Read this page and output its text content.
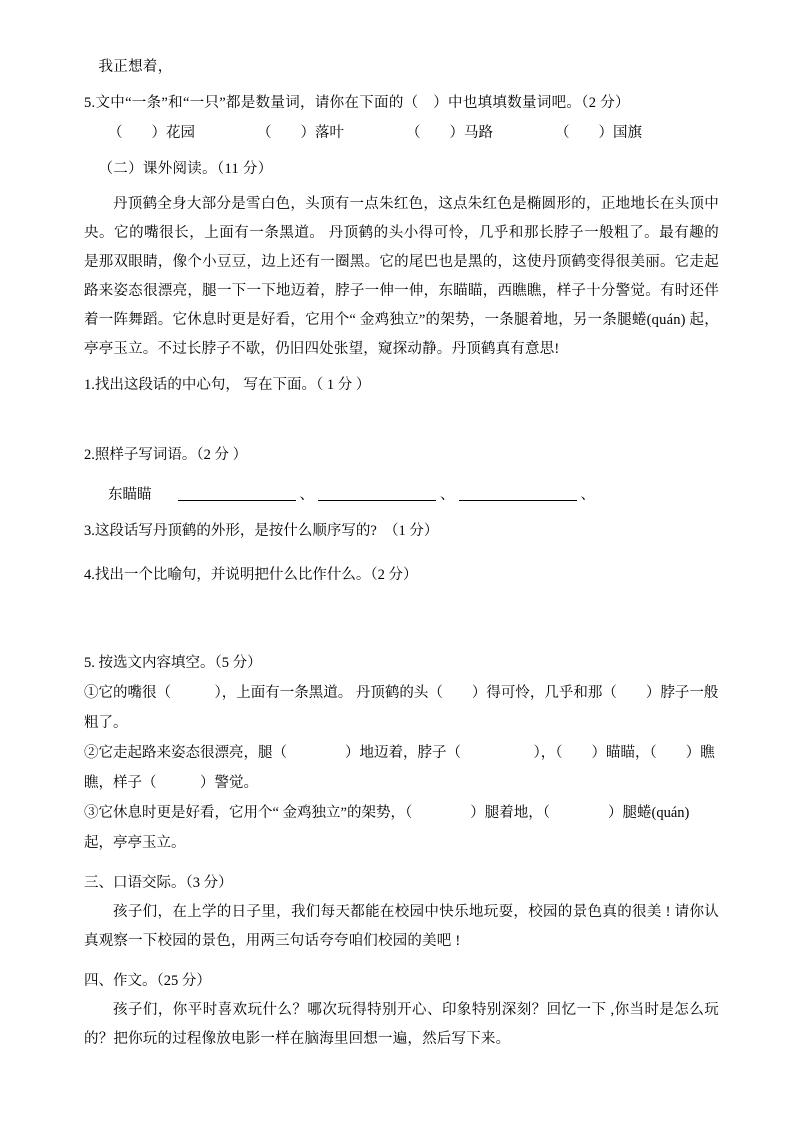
我正想着，
5.文中“一条”和“一只”都是数量词，请你在下面的（　）中也填填数量词吧。（2 分）
（　　）花园	（　　）落叶	（　　）马路	（　　）国旗
（二）课外阅读。（11 分）
丹顶鹤全身大部分是雪白色，头顶有一点朱红色，这点朱红色是椭圆形的，正地地长在头顶中央。它的嘴很长，上面有一条黑道。 丹顶鹤的头小得可怜，几乎和那长脖子一般粗了。最有趣的是那双眼睛，像个小豆豆，边上还有一圈黑。它的尾巴也是黑的，这使丹顶鹤变得很美丽。它走起路来姿态很漂亮，腿一下一下地迈着，脖子一伸一伸，东瞄瞄，西瞧瞧，样子十分警觉。有时还伴着一阵舞蹈。它休息时更是好看，它用个“ 金鸡独立”的架势，一条腿着地，另一条腿蜷(quán) 起，亭亭玉立。不过长脖子不歇，仍旧四处张望，窥探动静。丹顶鹤真有意思!
1.找出这段话的中心句， 写在下面。（ 1 分 ）
2.照样子写词语。（2 分 ）
东瞄瞄	、	、	、
3.这段话写丹顶鹤的外形，是按什么顺序写的?　（1 分）
4.找出一个比喻句，并说明把什么比作什么。（2 分）
5. 按选文内容填空。（5 分）
①它的嘴很（　　　），上面有一条黑道。 丹顶鹤的头（　　）得可怜，几乎和那（　　）脖子一般粗了。
②它走起路来姿态很漂亮，腿（　　　　）地迈着，脖子（　　　　　），（　　）瞄瞄，（　　）瞧瞧，样子（　　　）警觉。
③它休息时更是好看，它用个“ 金鸡独立”的架势，（　　　　）腿着地，（　　　　）腿蜷(quán) 起，亭亭玉立。
三、口语交际。（3 分）
孩子们，在上学的日子里，我们每天都能在校园中快乐地玩耍，校园的景色真的很美 ! 请你认真观察一下校园的景色，用两三句话夸夸咱们校园的美吧 !
四、作文。（25 分）
孩子们，你平时喜欢玩什么？哪次玩得特别开心、印象特别深刻？回忆一下 ,你当时是怎么玩的？把你玩的过程像放电影一样在脑海里回想一遍，然后写下来。
